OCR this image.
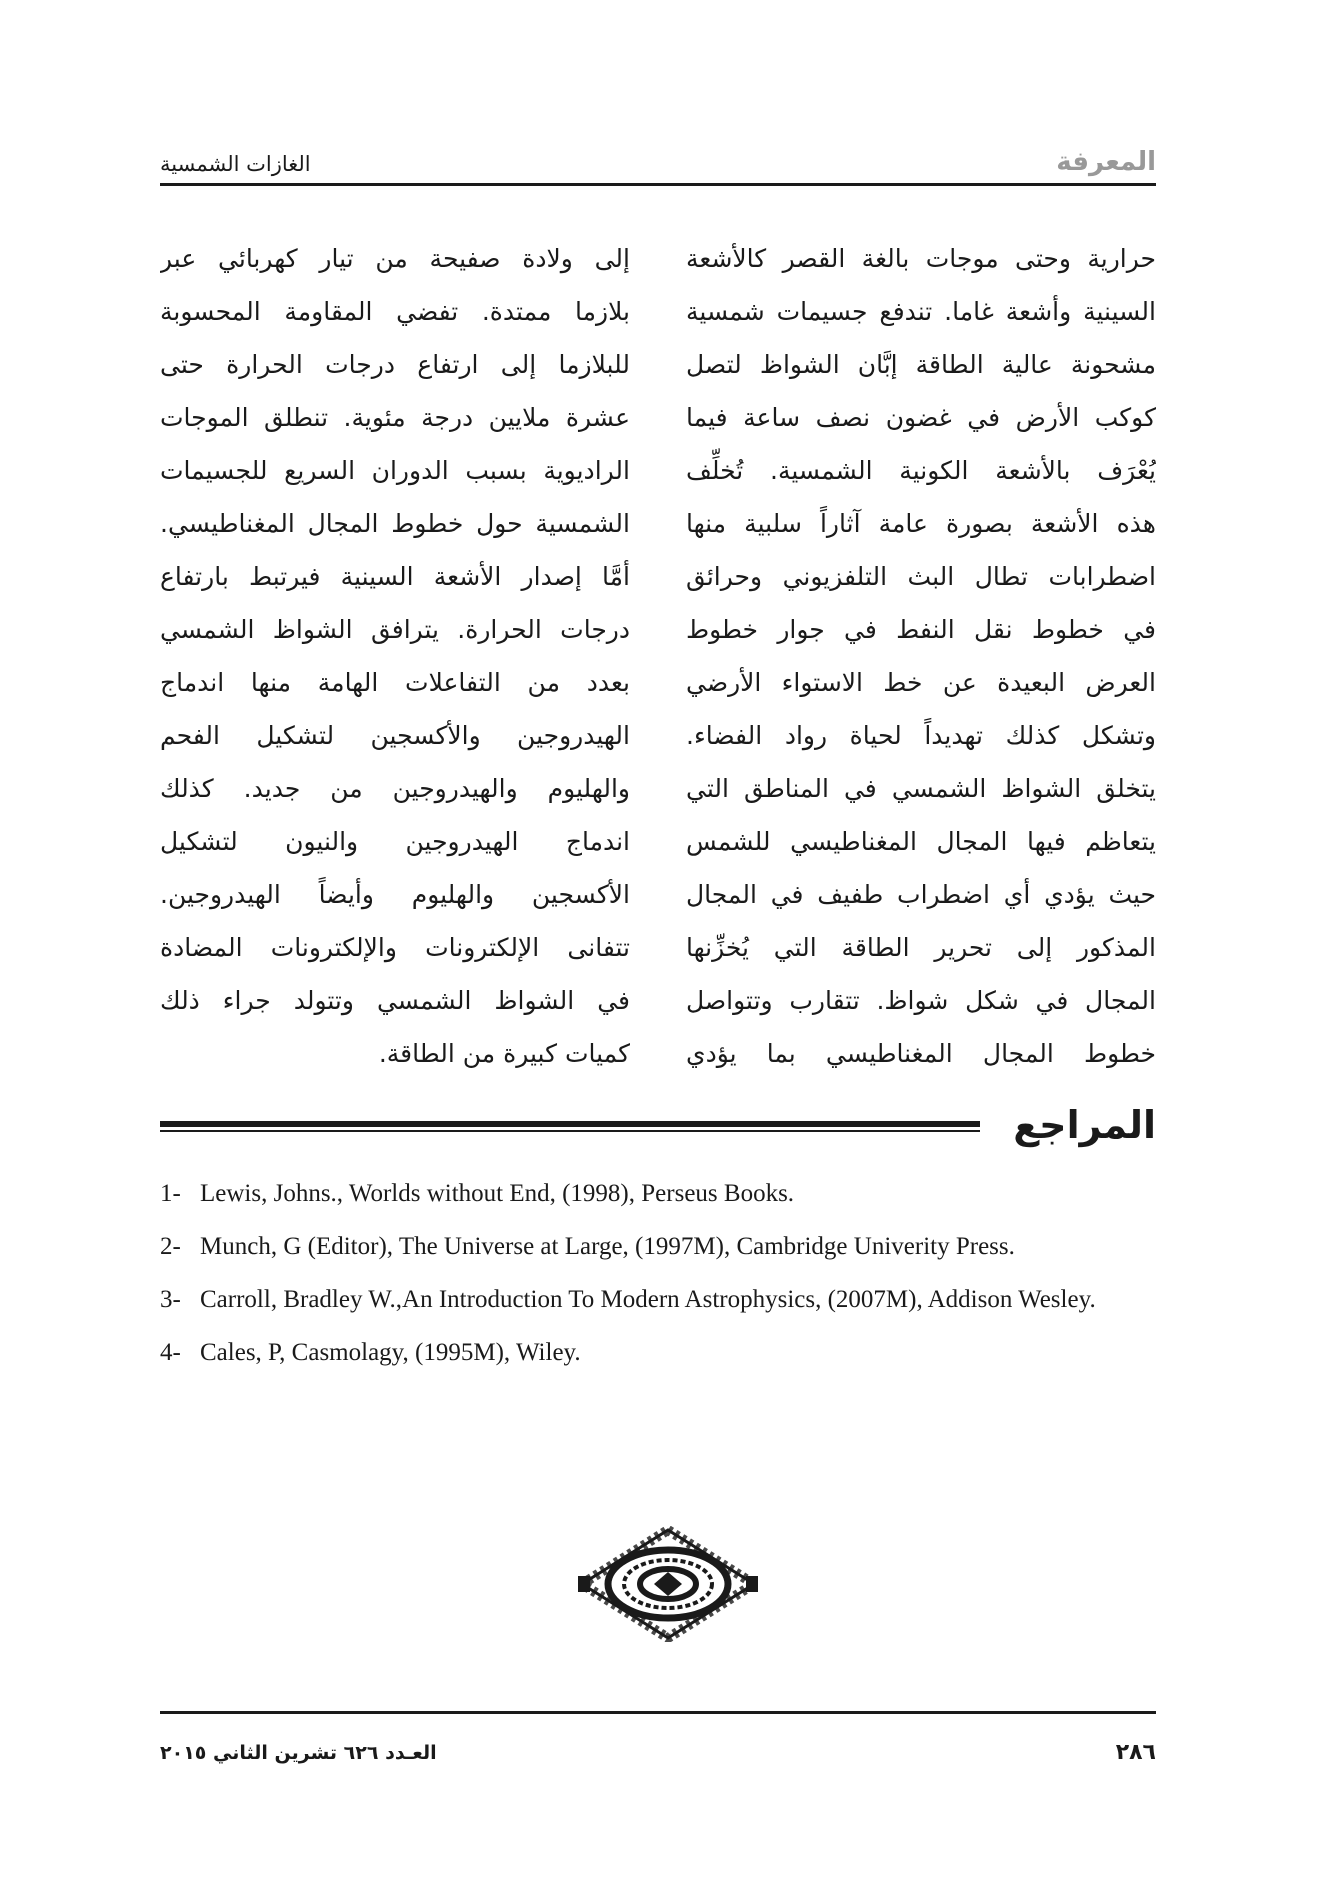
الغازات الشمسية	المعرفة
حرارية وحتى موجات بالغة القصر كالأشعة
السينية وأشعة غاما. تندفع جسيمات شمسية
مشحونة عالية الطاقة إبَّان الشواظ لتصل
كوكب الأرض في غضون نصف ساعة فيما
يُعْرَف بالأشعة الكونية الشمسية. تُخلِّف
هذه الأشعة بصورة عامة آثاراً سلبية منها
اضطرابات تطال البث التلفزيوني وحرائق
في خطوط نقل النفط في جوار خطوط
العرض البعيدة عن خط الاستواء الأرضي
وتشكل كذلك تهديداً لحياة رواد الفضاء.
يتخلق الشواظ الشمسي في المناطق التي
يتعاظم فيها المجال المغناطيسي للشمس
حيث يؤدي أي اضطراب طفيف في المجال
المذكور إلى تحرير الطاقة التي يُخزِّنها
المجال في شكل شواظ. تتقارب وتتواصل
خطوط المجال المغناطيسي بما يؤدي
إلى ولادة صفيحة من تيار كهربائي عبر
بلازما ممتدة. تفضي المقاومة المحسوبة
للبلازما إلى ارتفاع درجات الحرارة حتى
عشرة ملايين درجة مئوية. تنطلق الموجات
الراديوية بسبب الدوران السريع للجسيمات
الشمسية حول خطوط المجال المغناطيسي.
أمَّا إصدار الأشعة السينية فيرتبط بارتفاع
درجات الحرارة. يترافق الشواظ الشمسي
بعدد من التفاعلات الهامة منها اندماج
الهيدروجين والأكسجين لتشكيل الفحم
والهليوم والهيدروجين من جديد. كذلك
اندماج الهيدروجين والنيون لتشكيل
الأكسجين والهليوم وأيضاً الهيدروجين.
تتفانى الإلكترونات والإلكترونات المضادة
في الشواظ الشمسي وتتولد جراء ذلك
كميات كبيرة من الطاقة.
المراجع
1- Lewis, Johns., Worlds without End, (1998), Perseus Books.
2- Munch, G (Editor), The Universe at Large, (1997M), Cambridge Univerity Press.
3- Carroll, Bradley W.,An Introduction To Modern Astrophysics, (2007M), Addison Wesley.
4- Cales, P, Casmolagy, (1995M), Wiley.
٢٨٦
العـدد ٦٢٦ تشرين الثاني ٢٠١٥
